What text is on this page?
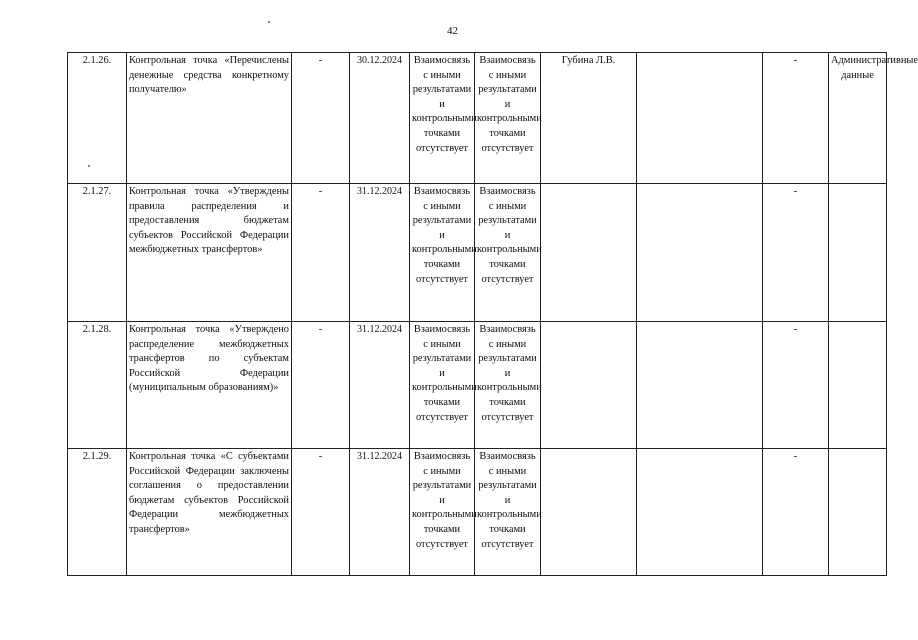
42
2.1.26.	Контрольная точка «Перечислены денежные средства конкретному получателю»	-	30.12.2024	Взаимосвязь с иными результатами и контрольными точками отсутствует	Взаимосвязь с иными результатами и контрольными точками отсутствует	Губина Л.В.		-	Административные данные
2.1.27.	Контрольная точка «Утверждены правила распределения и предоставления бюджетам субъектов Российской Федерации межбюджетных трансфертов»	-	31.12.2024	Взаимосвязь с иными результатами и контрольными точками отсутствует	Взаимосвязь с иными результатами и контрольными точками отсутствует			-	
2.1.28.	Контрольная точка «Утверждено распределение межбюджетных трансфертов по субъектам Российской Федерации (муниципальным образованиям)»	-	31.12.2024	Взаимосвязь с иными результатами и контрольными точками отсутствует	Взаимосвязь с иными результатами и контрольными точками отсутствует			-	
2.1.29.	Контрольная точка «С субъектами Российской Федерации заключены соглашения о предоставлении бюджетам субъектов Российской Федерации межбюджетных трансфертов»	-	31.12.2024	Взаимосвязь с иными результатами и контрольными точками отсутствует	Взаимосвязь с иными результатами и контрольными точками отсутствует			-	
